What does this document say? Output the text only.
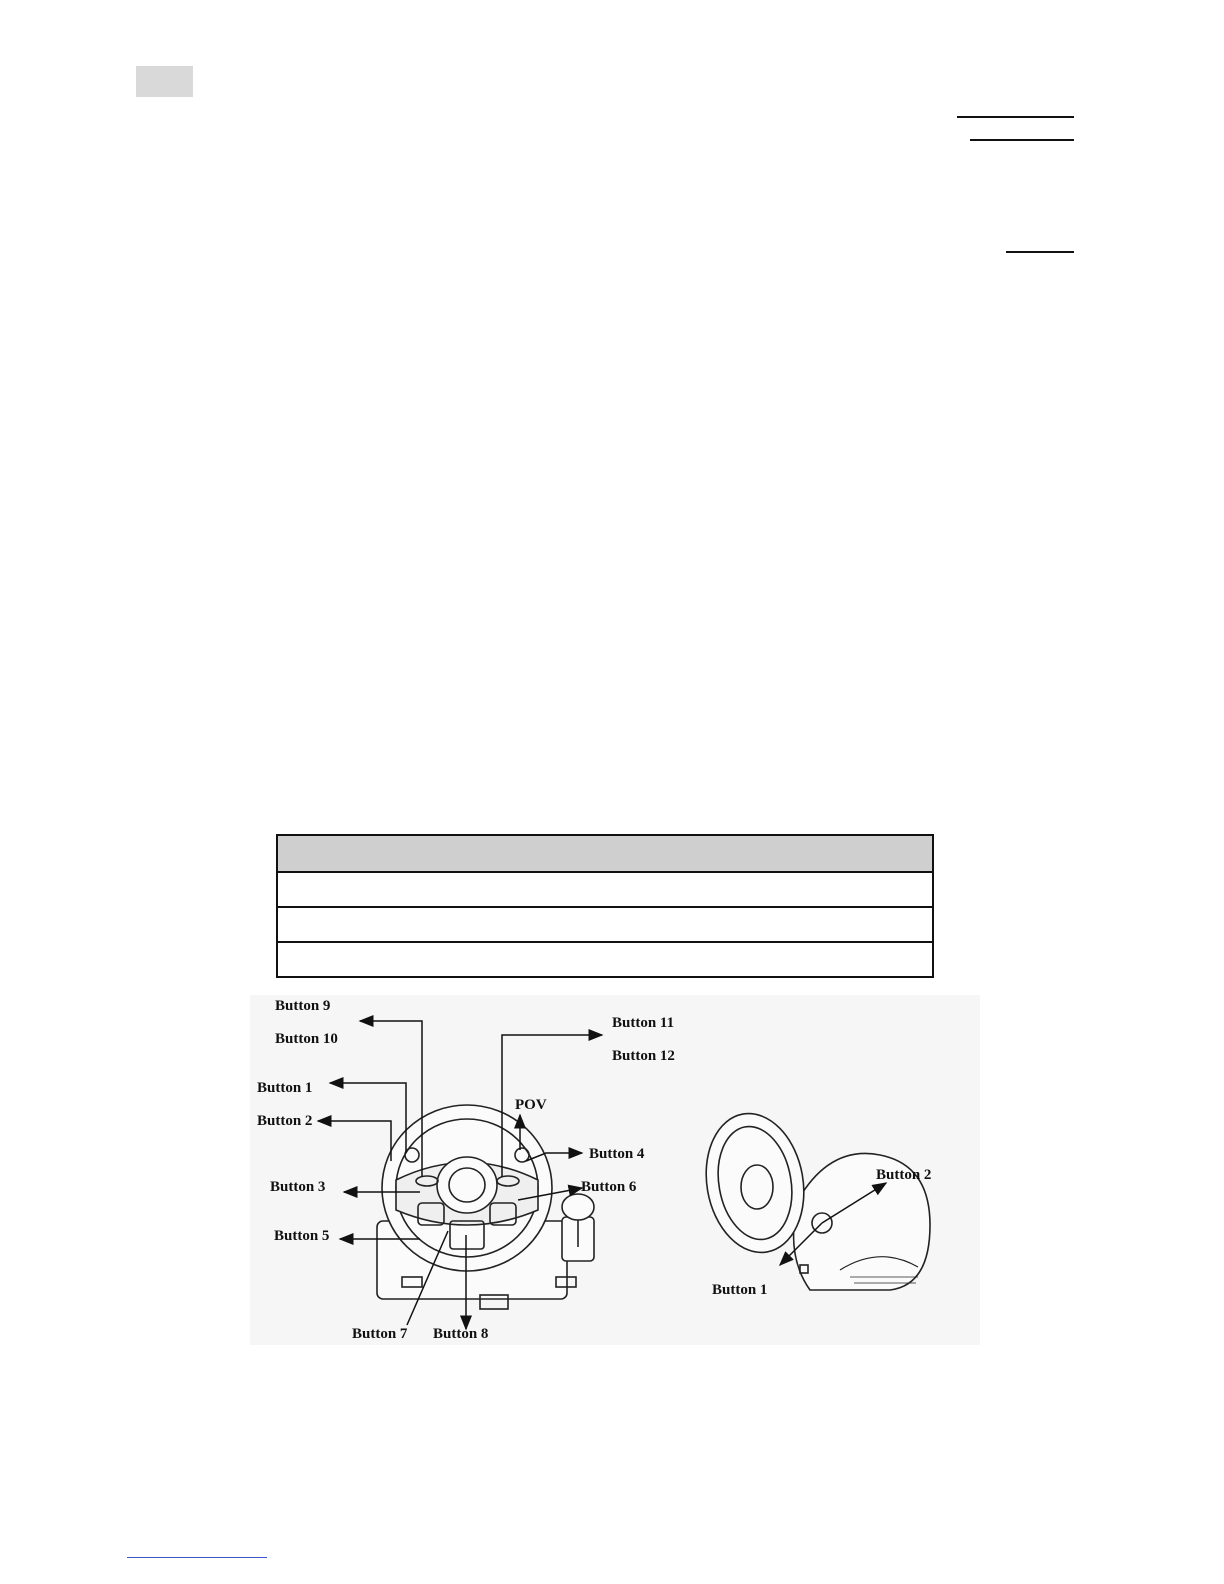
Button 9
Button 10
Button 11
Button 12
Button 1
Button 2
POV
Button 4
Button 3	Button 6
Button 5
Button 7 Button 8
Button 2
Button 1
